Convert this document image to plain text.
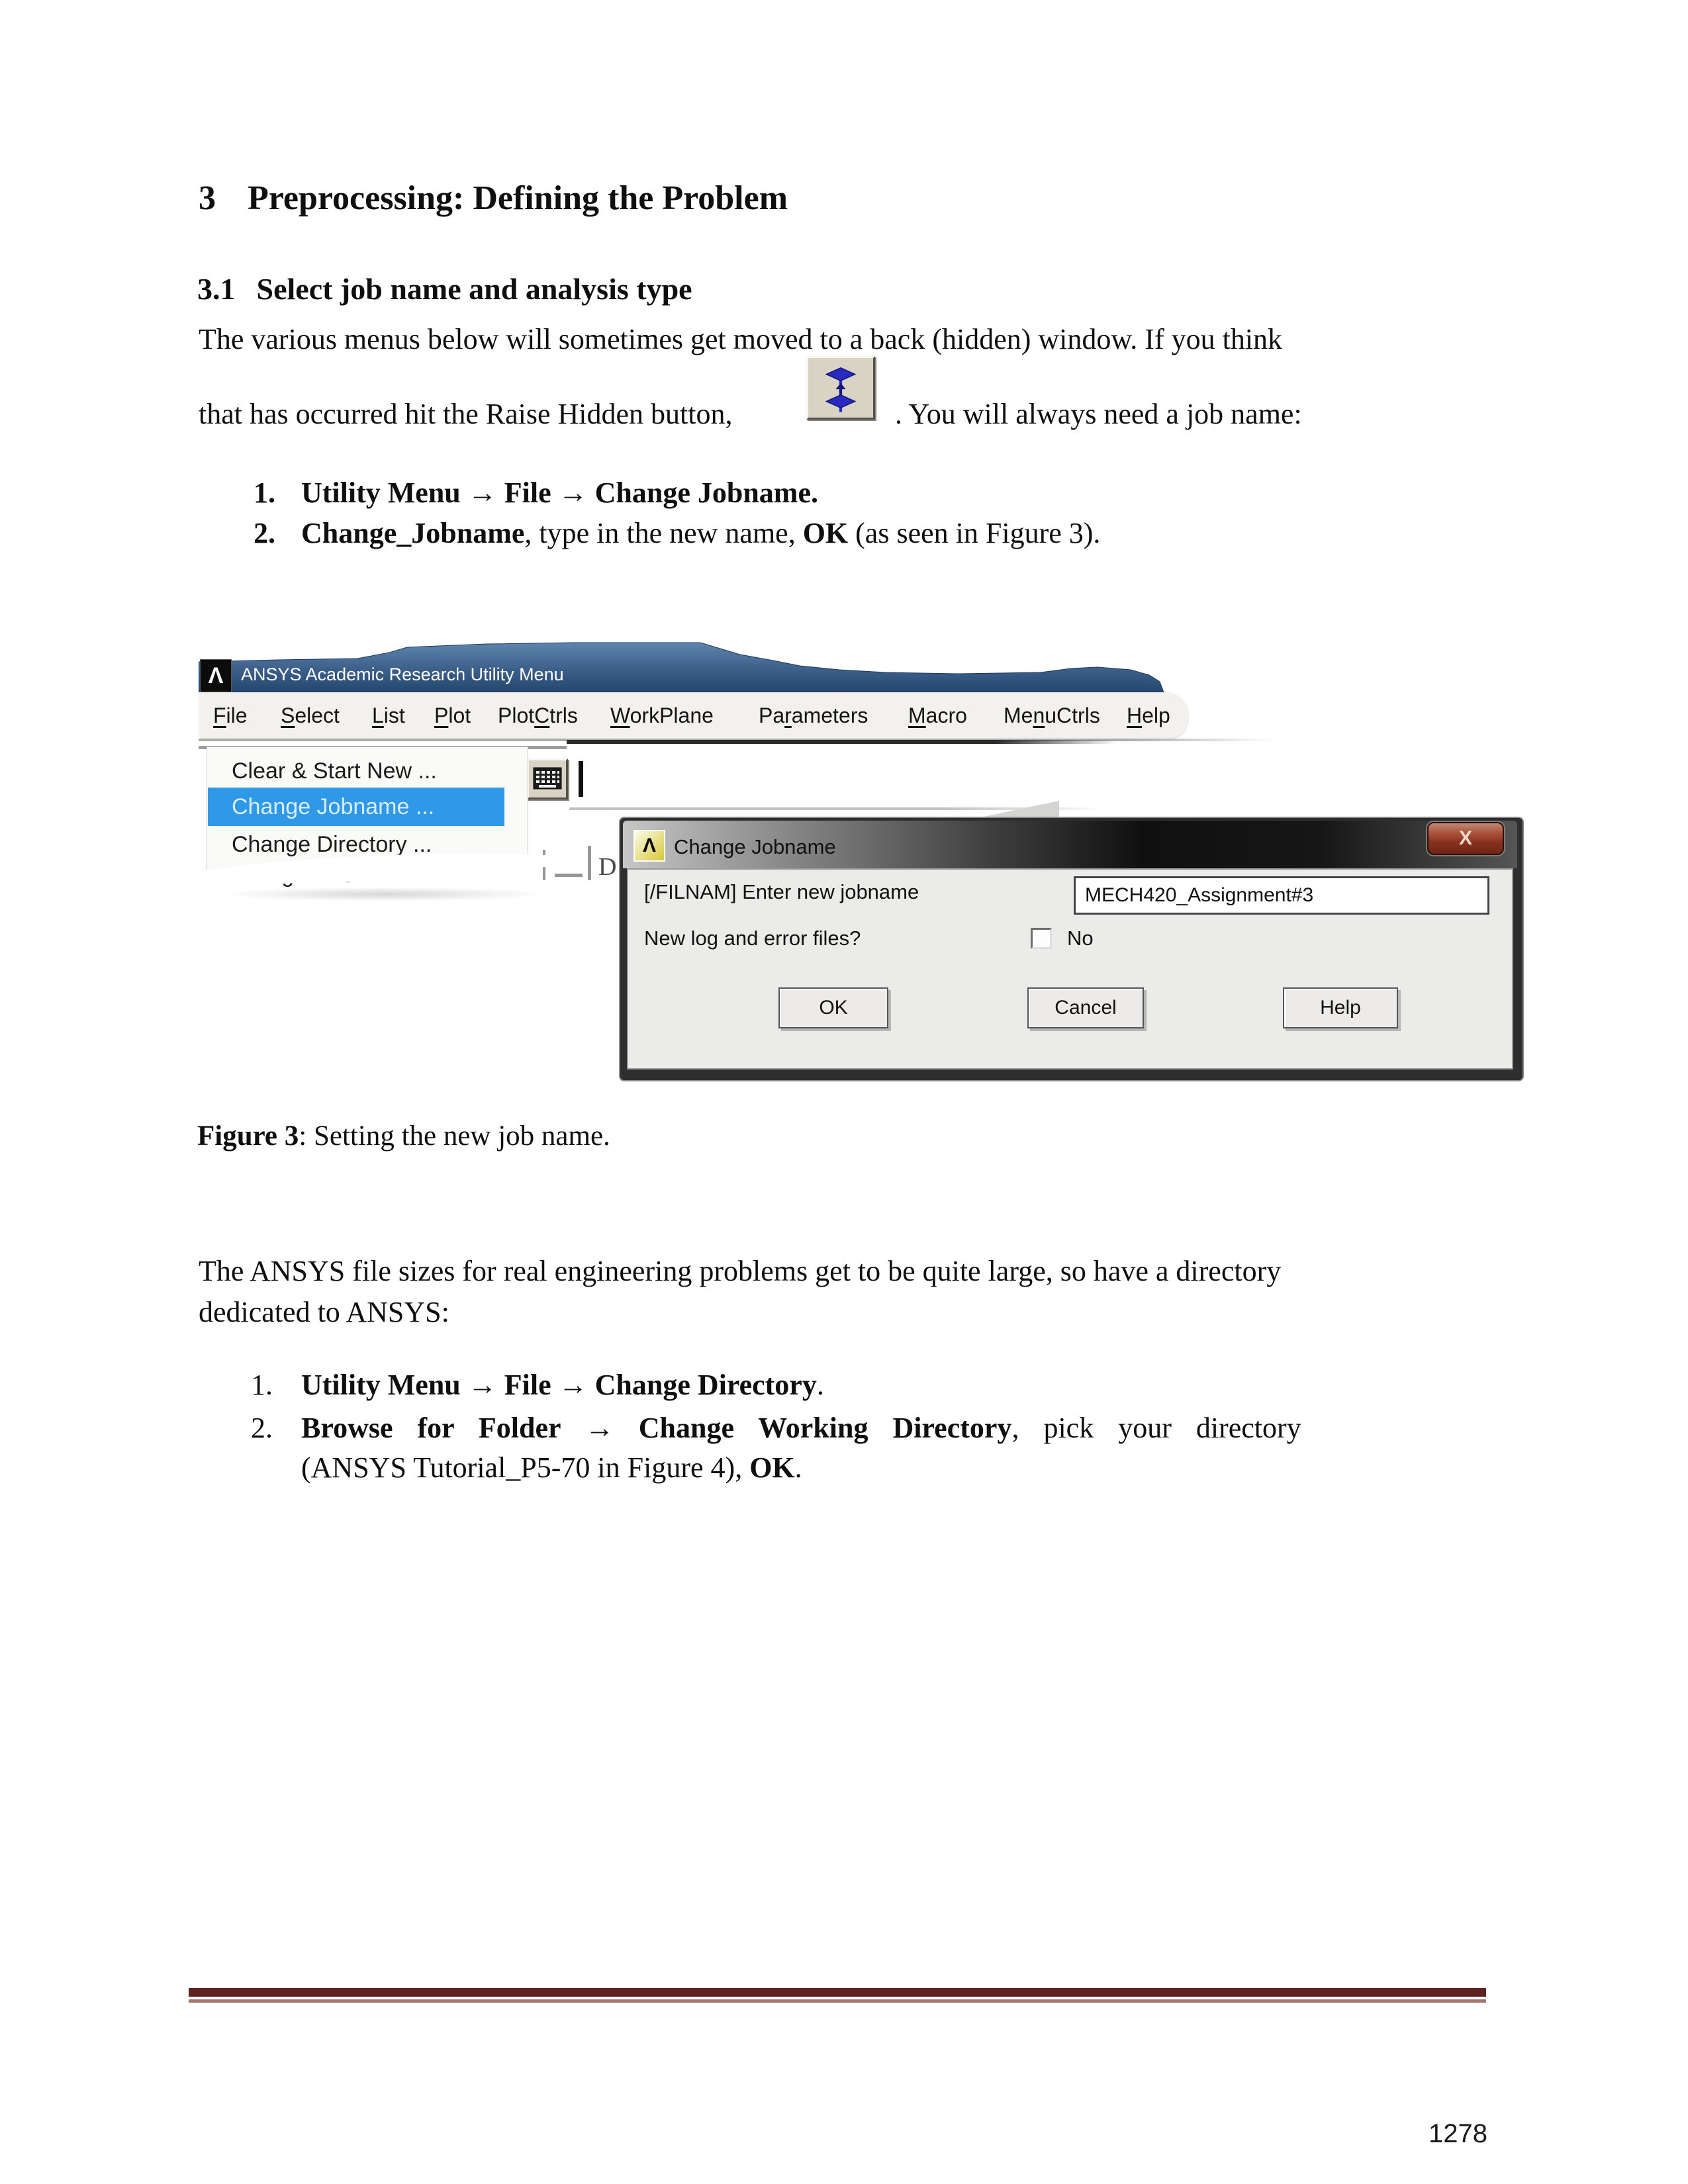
3 Preprocessing: Defining the Problem
3.1 Select job name and analysis type
The various menus below will sometimes get moved to a back (hidden) window. If you think
that has occurred hit the Raise Hidden button,	. You will always need a job name:
1. Utility Menu → File → Change Jobname.
2. Change_Jobname, type in the new name, OK (as seen in Figure 3).
Λ ANSYS Academic Research Utility Menu
File Select List Plot PlotCtrls WorkPlane Parameters Macro MenuCtrls Help
Clear & Start New ...
Change Jobname ...
Change Directory ...
D
Λ Change Jobname	X
[/FILNAM] Enter new jobname	MECH420_Assignment#3
New log and error files?	No
OK	Cancel	Help
Figure 3: Setting the new job name.
The ANSYS file sizes for real engineering problems get to be quite large, so have a directory
dedicated to ANSYS:
1. Utility Menu → File → Change Directory.
2. Browse for Folder → Change Working Directory, pick your directory
(ANSYS Tutorial_P5-70 in Figure 4), OK.
1278
